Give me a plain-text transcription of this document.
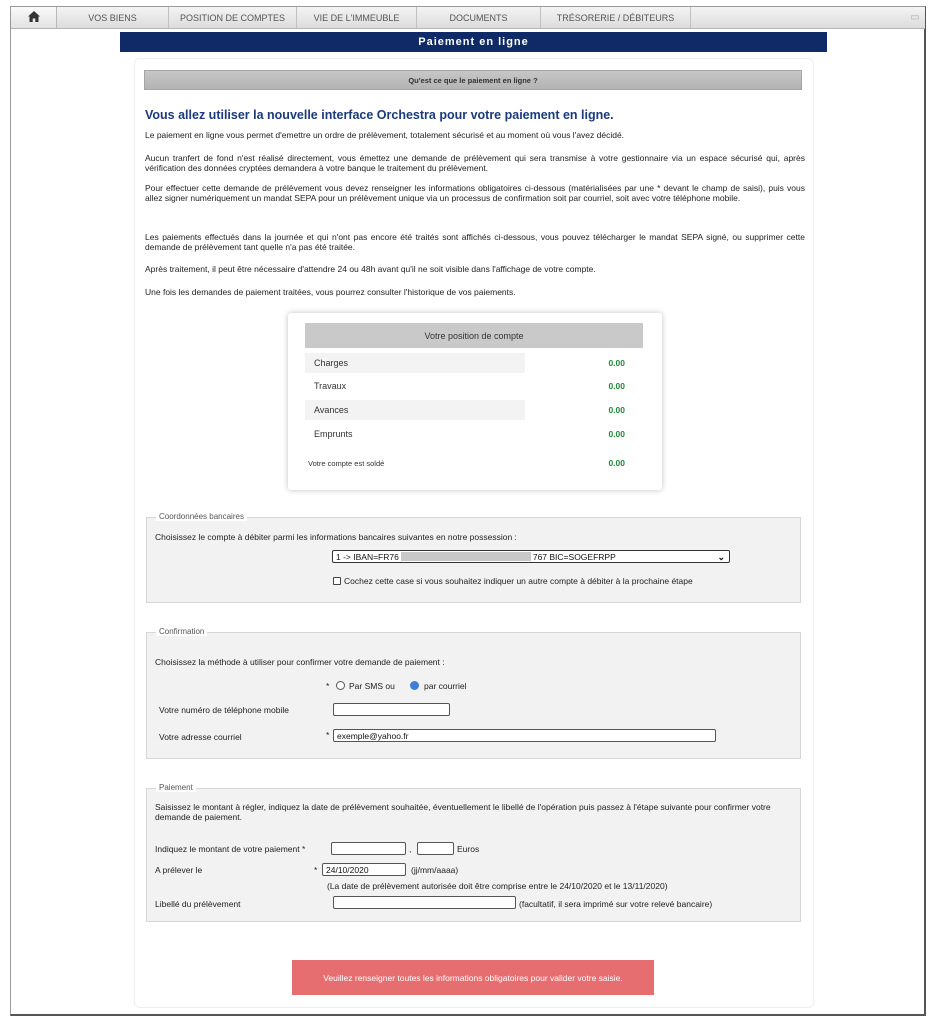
VOS BIENS	POSITION DE COMPTES	VIE DE L'IMMEUBLE	DOCUMENTS	TRÉSORERIE / DÉBITEURS	▭
Paiement en ligne
Qu'est ce que le paiement en ligne ?
Vous allez utiliser la nouvelle interface Orchestra pour votre paiement en ligne.
Le paiement en ligne vous permet d'emettre un ordre de prélèvement, totalement sécurisé et au moment où vous l'avez décidé.
Aucun tranfert de fond n'est réalisé directement, vous émettez une demande de prélèvement qui sera transmise à votre gestionnaire via un espace sécurisé qui, après vérification des données cryptées demandera à votre banque le traitement du prélèvement.
Pour effectuer cette demande de prélèvement vous devez renseigner les informations obligatoires ci-dessous (matérialisées par une * devant le champ de saisi), puis vous allez signer numériquement un mandat SEPA pour un prélèvement unique via un processus de confirmation soit par courriel, soit avec votre téléphone mobile.
Les paiements effectués dans la journée et qui n'ont pas encore été traités sont affichés ci-dessous, vous pouvez télécharger le mandat SEPA signé, ou supprimer cette demande de prélèvement tant quelle n'a pas été traitée.
Après traitement, il peut être nécessaire d'attendre 24 ou 48h avant qu'il ne soit visible dans l'affichage de votre compte.
Une fois les demandes de paiement traitées, vous pourrez consulter l'historique de vos paiements.
Votre position de compte
Charges	0.00
Travaux	0.00
Avances	0.00
Emprunts	0.00
Votre compte est soldé	0.00
Coordonnées bancaires
Choisissez le compte à débiter parmi les informations bancaires suivantes en notre possession :
1 -> IBAN=FR76	767 BIC=SOGEFRPP	⌄
Cochez cette case si vous souhaitez indiquer un autre compte à débiter à la prochaine étape
Confirmation
Choisissez la méthode à utiliser pour confirmer votre demande de paiement :
* Par SMS ou	par courriel
Votre numéro de téléphone mobile
Votre adresse courriel	* exemple@yahoo.fr
Paiement
Saisissez le montant à régler, indiquez la date de prélèvement souhaitée, éventuellement le libellé de l'opération puis passez à l'étape suivante pour confirmer votre demande de paiement.
Indiquez le montant de votre paiement *	,	Euros
A prélever le	*	24/10/2020	(jj/mm/aaaa)
(La date de prélèvement autorisée doit être comprise entre le 24/10/2020 et le 13/11/2020)
Libellé du prélèvement	(facultatif, il sera imprimé sur votre relevé bancaire)
Veuillez renseigner toutes les informations obligatoires pour valider votre saisie.
